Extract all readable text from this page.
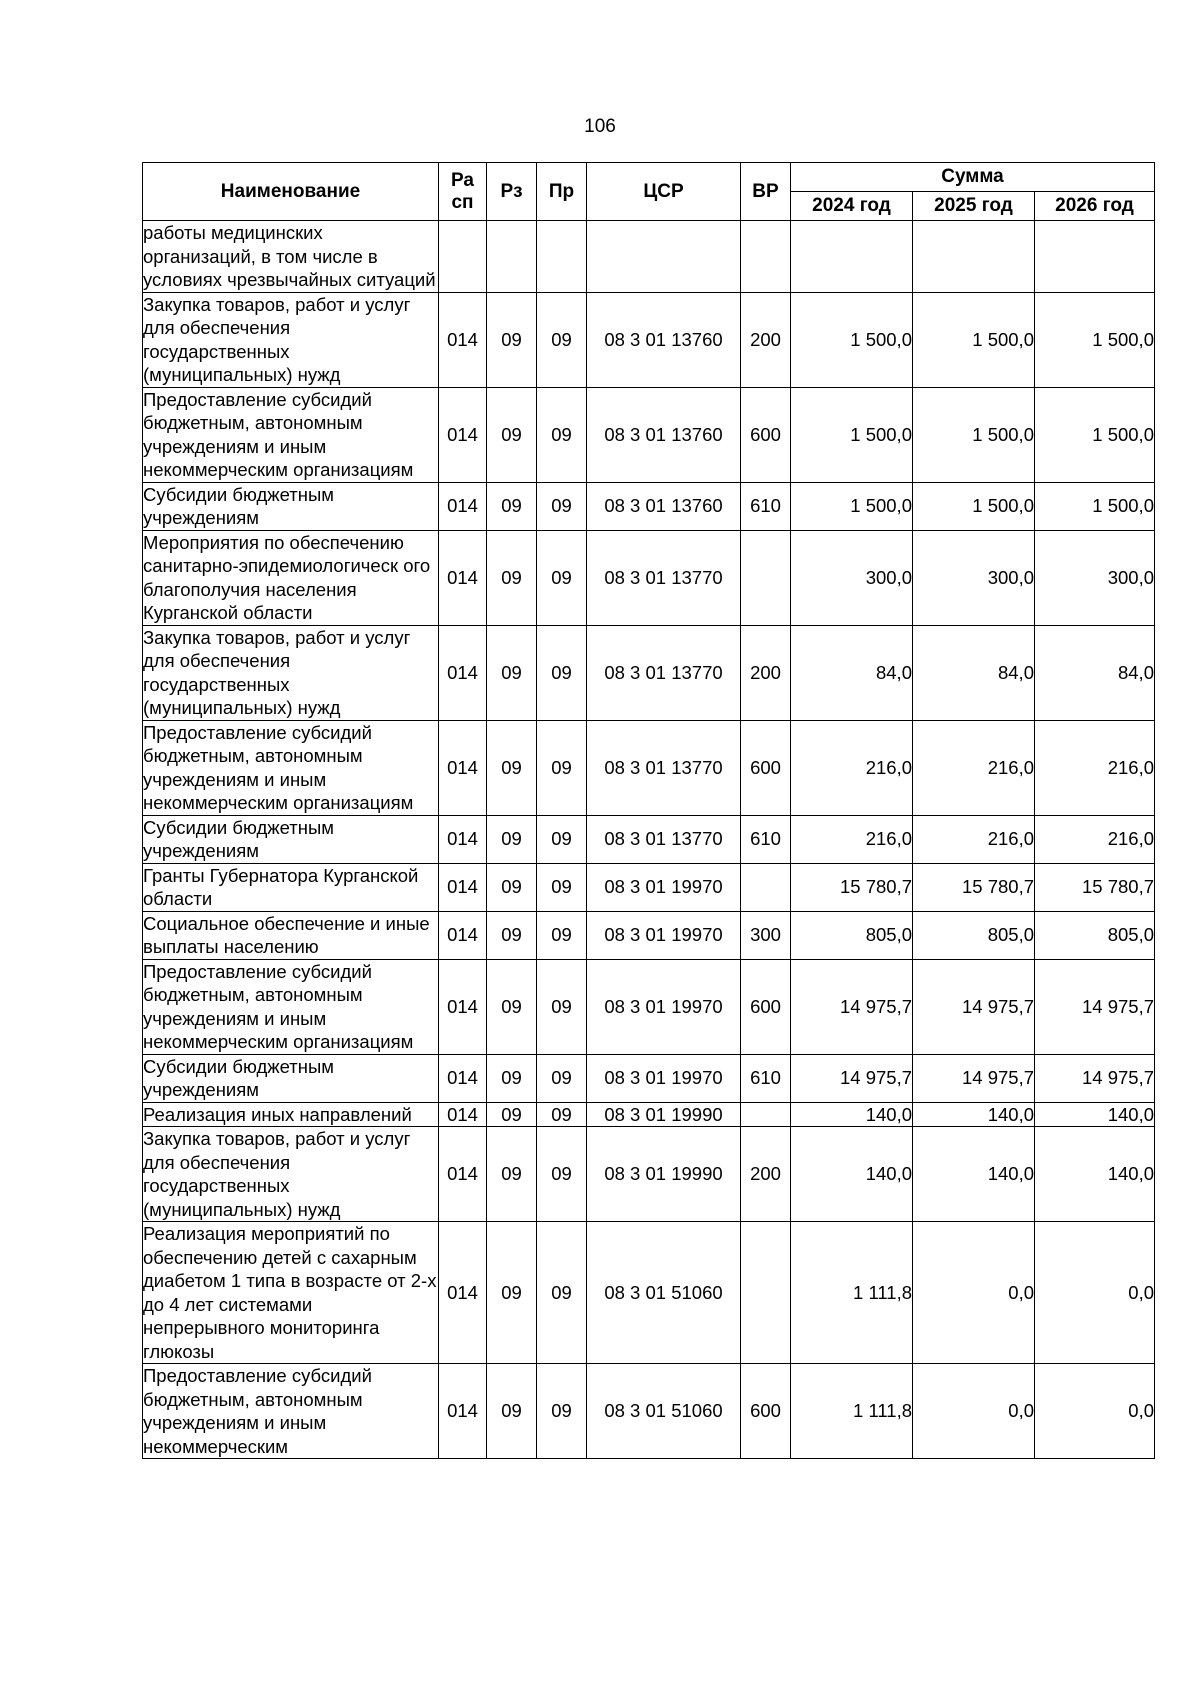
106
Наименование	Ра сп	Рз	Пр	ЦСР	ВР	Сумма		
						2024 год	2025 год	2026 год
работы медицинских организаций, в том числе в условиях чрезвычайных ситуаций								
Закупка товаров, работ и услуг для обеспечения государственных (муниципальных) нужд	014	09	09	08 3 01 13760	200	1 500,0	1 500,0	1 500,0
Предоставление субсидий бюджетным, автономным учреждениям и иным некоммерческим организациям	014	09	09	08 3 01 13760	600	1 500,0	1 500,0	1 500,0
Субсидии бюджетным учреждениям	014	09	09	08 3 01 13760	610	1 500,0	1 500,0	1 500,0
Мероприятия по обеспечению санитарно-эпидемиологическ ого благополучия населения Курганской области	014	09	09	08 3 01 13770		300,0	300,0	300,0
Закупка товаров, работ и услуг для обеспечения государственных (муниципальных) нужд	014	09	09	08 3 01 13770	200	84,0	84,0	84,0
Предоставление субсидий бюджетным, автономным учреждениям и иным некоммерческим организациям	014	09	09	08 3 01 13770	600	216,0	216,0	216,0
Субсидии бюджетным учреждениям	014	09	09	08 3 01 13770	610	216,0	216,0	216,0
Гранты Губернатора Курганской области	014	09	09	08 3 01 19970		15 780,7	15 780,7	15 780,7
Социальное обеспечение и иные выплаты населению	014	09	09	08 3 01 19970	300	805,0	805,0	805,0
Предоставление субсидий бюджетным, автономным учреждениям и иным некоммерческим организациям	014	09	09	08 3 01 19970	600	14 975,7	14 975,7	14 975,7
Субсидии бюджетным учреждениям	014	09	09	08 3 01 19970	610	14 975,7	14 975,7	14 975,7
Реализация иных направлений	014	09	09	08 3 01 19990		140,0	140,0	140,0
Закупка товаров, работ и услуг для обеспечения государственных (муниципальных) нужд	014	09	09	08 3 01 19990	200	140,0	140,0	140,0
Реализация мероприятий по обеспечению детей с сахарным диабетом 1 типа в возрасте от 2-х до 4 лет системами непрерывного мониторинга глюкозы	014	09	09	08 3 01 51060		1 111,8	0,0	0,0
Предоставление субсидий бюджетным, автономным учреждениям и иным некоммерческим	014	09	09	08 3 01 51060	600	1 111,8	0,0	0,0
